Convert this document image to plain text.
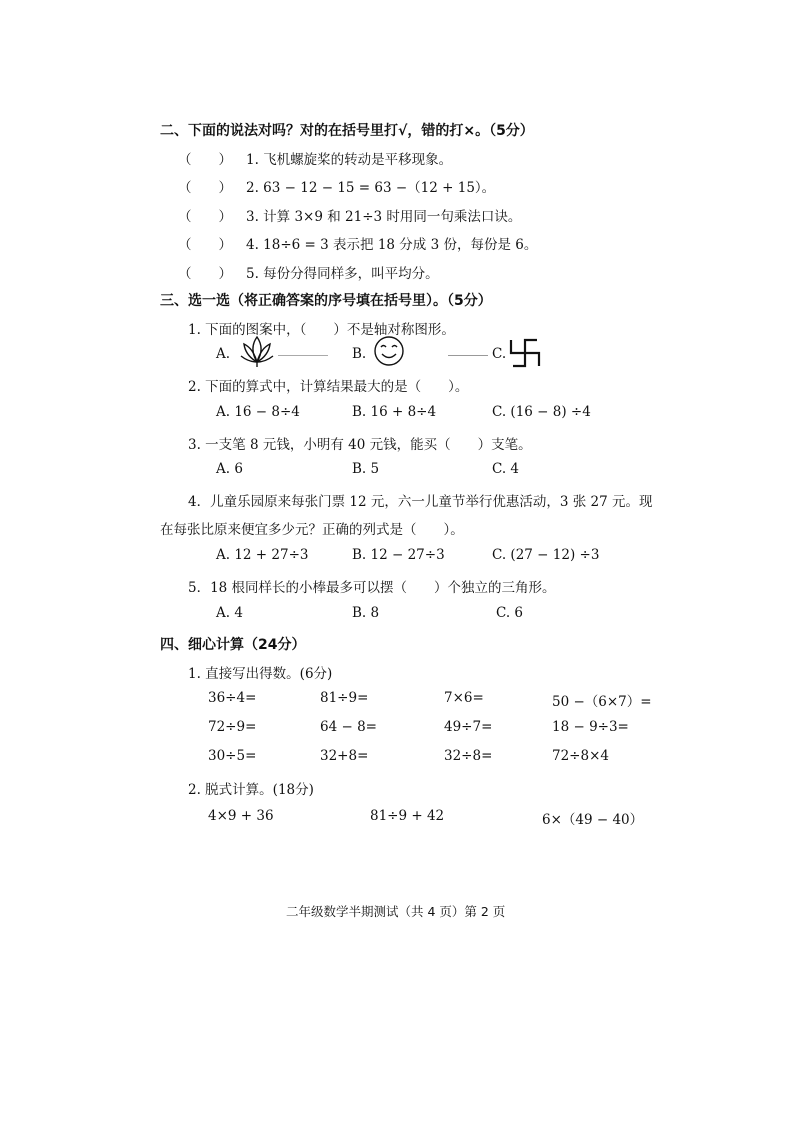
二、下面的说法对吗？对的在括号里打√，错的打×。（5分）
（　　） 1. 飞机螺旋桨的转动是平移现象。
（　　） 2. 63 − 12 − 15 = 63 −（12 + 15）。
（　　） 3. 计算 3×9 和 21÷3 时用同一句乘法口诀。
（　　） 4. 18÷6 = 3 表示把 18 分成 3 份，每份是 6。
（　　） 5. 每份分得同样多，叫平均分。
三、选一选（将正确答案的序号填在括号里）。（5分）
1. 下面的图案中，（　　）不是轴对称图形。
A.	B.	C.
2. 下面的算式中，计算结果最大的是（　　）。
A. 16 − 8÷4	B. 16 + 8÷4	C. (16 − 8) ÷4
3. 一支笔 8 元钱，小明有 40 元钱，能买（　　）支笔。
A. 6	B. 5	C. 4
4．儿童乐园原来每张门票 12 元，六一儿童节举行优惠活动，3 张 27 元。现
在每张比原来便宜多少元？正确的列式是（　　）。
A. 12 + 27÷3	B. 12 − 27÷3	C. (27 − 12) ÷3
5．18 根同样长的小棒最多可以摆（　　）个独立的三角形。
A. 4	B. 8	C. 6
四、细心计算（24分）
1. 直接写出得数。(6分)
36÷4=	81÷9=	7×6=	50 −（6×7）=
72÷9=	64 − 8=	49÷7=	18 − 9÷3=
30÷5=	32+8=	32÷8=	72÷8×4
2. 脱式计算。(18分)
4×9 + 36	81÷9 + 42	6×（49 − 40）
二年级数学半期测试（共 4 页）第 2 页
